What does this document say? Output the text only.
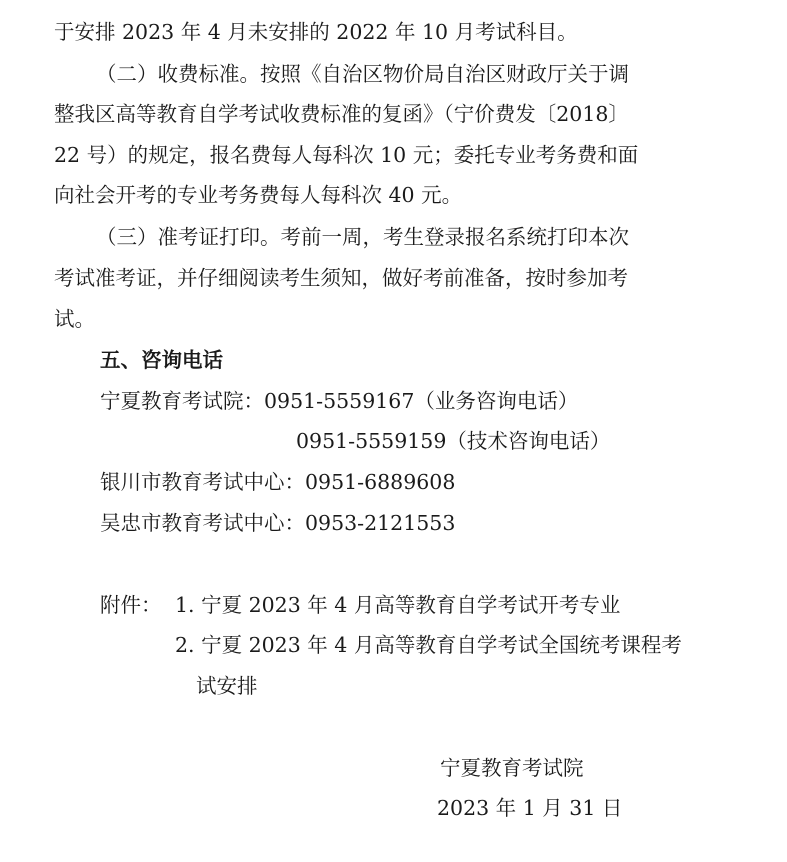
于安排 2023 年 4 月未安排的 2022 年 10 月考试科目。
（二）收费标准。按照《自治区物价局自治区财政厅关于调
整我区高等教育自学考试收费标准的复函》（宁价费发〔2018〕
22 号）的规定，报名费每人每科次 10 元；委托专业考务费和面
向社会开考的专业考务费每人每科次 40 元。
（三）准考证打印。考前一周，考生登录报名系统打印本次
考试准考证，并仔细阅读考生须知，做好考前准备，按时参加考
试。
五、咨询电话
宁夏教育考试院：0951-5559167（业务咨询电话）
0951-5559159（技术咨询电话）
银川市教育考试中心：0951-6889608
吴忠市教育考试中心：0953-2121553
附件： 1. 宁夏 2023 年 4 月高等教育自学考试开考专业
2. 宁夏 2023 年 4 月高等教育自学考试全国统考课程考
试安排
宁夏教育考试院
2023 年 1 月 31 日
